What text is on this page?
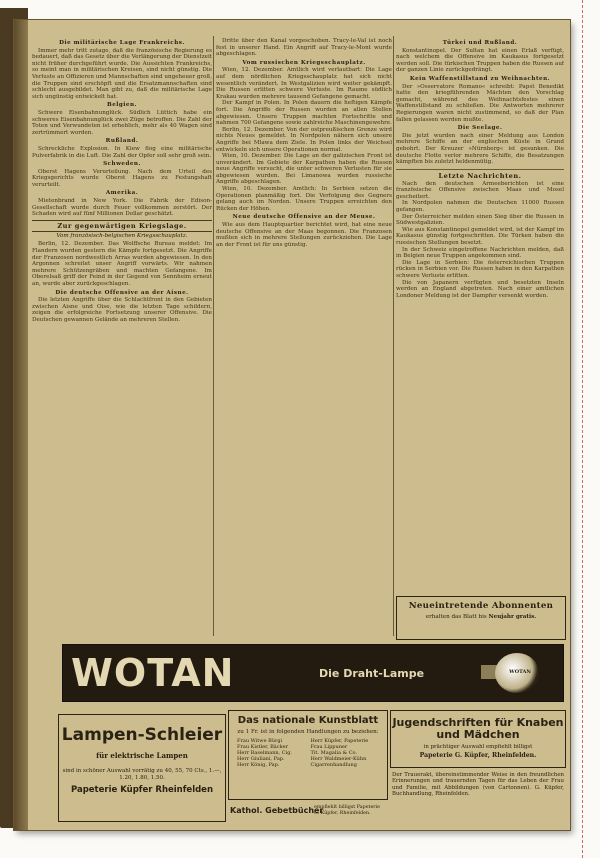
Die militärische Lage Frankreichs.

Immer mehr tritt zutage, daß die französische Regierung es bedauert, daß das Gesetz über die Verlängerung der Dienstzeit nicht früher durchgeführt wurde. Die Aussichten Frankreichs, so meint man in militärischen Kreisen, sind nicht günstig. Die Verluste an Offizieren und Mannschaften sind ungeheuer groß, die Truppen sind erschöpft und die Ersatzmannschaften sind schlecht ausgebildet. Man gibt zu, daß die militärische Lage sich ungünstig entwickelt hat.

Belgien.

Schwere Eisenbahnunglück. Südlich Lüttich habe ein schweres Eisenbahnunglück zwei Züge betroffen. Die Zahl der Toten und Verwundeten ist erheblich, mehr als 40 Wagen sind zertrümmert worden.

Rußland.

Schreckliche Explosion. In Kiew flog eine militärische Pulverfabrik in die Luft. Die Zahl der Opfer soll sehr groß sein.

Schweden.

Oberst Hagens Verurteilung. Nach dem Urteil des Kriegsgerichts wurde Oberst Hagens zu Festungshaft verurteilt.

Amerika.

Mietenbrand in New York. Die Fabrik der Edison-Gesellschaft wurde durch Feuer vollkommen zerstört. Der Schaden wird auf fünf Millionen Dollar geschätzt.

Zur gegenwärtigen Kriegslage.
Vom französisch-belgischen Kriegsschauplatz.

Berlin, 12. Dezember. Das Wolffsche Bureau meldet: Im Flandern wurden gestern die Kämpfe fortgesetzt. Die Angriffe der Franzosen nordwestlich Arras wurden abgewiesen. In den Argonnen schreitet unser Angriff vorwärts. Wir nahmen mehrere Schützengräben und machten Gefangene. Im Oberelsaß griff der Feind in der Gegend von Sennheim erneut an, wurde aber zurückgeschlagen.

Die deutsche Offensive an der Aisne.

Die letzten Angriffe über die Schlachtfront in den Gebieten zwischen Aisne und Oise, wie die letzten Tage schildern, zeigen die erfolgreiche Fortsetzung unserer Offensive. Die Deutschen gewannen Gelände an mehreren Stellen.

Dritte über den Kanal vorgeschoben. Tracy-le-Val ist noch fest in unserer Hand. Ein Angriff auf Tracy-le-Mont wurde abgeschlagen.

Vom russischen Kriegsschauplatz.

Wien, 12. Dezember. Amtlich wird verlautbart: Die Lage auf dem nördlichen Kriegsschauplatz hat sich nicht wesentlich verändert. In Westgalizien wird weiter gekämpft. Die Russen erlitten schwere Verluste. Im Raume südlich Krakau wurden mehrere tausend Gefangene gemacht.

Der Kampf in Polen. In Polen dauern die heftigen Kämpfe fort. Die Angriffe der Russen wurden an allen Stellen abgewiesen. Unsere Truppen machten Fortschritte und nahmen 700 Gefangene sowie zahlreiche Maschinengewehre.

Berlin, 12. Dezember. Von der ostpreußischen Grenze wird nichts Neues gemeldet. In Nordpolen nähern sich unsere Angriffe bei Mlawa dem Ziele. In Polen links der Weichsel entwickeln sich unsere Operationen normal.

Wien, 10. Dezember. Die Lage an der galizischen Front ist unverändert. Im Gebiete der Karpathen haben die Russen neue Angriffe versucht, die unter schweren Verlusten für sie abgewiesen wurden. Bei Limanowa wurden russische Angriffe abgeschlagen.

Wien, 10. Dezember. Amtlich: In Serbien setzen die Operationen planmäßig fort. Die Verfolgung des Gegners gelang auch im Norden. Unsere Truppen erreichten den Rücken der Höhen.

Neue deutsche Offensive an der Meuse.

Wie aus dem Hauptquartier berichtet wird, hat eine neue deutsche Offensive an der Maas begonnen. Die Franzosen mußten sich in mehrere Stellungen zurückziehen. Die Lage an der Front ist für uns günstig.

Türkei und Rußland.

Konstantinopel. Der Sultan hat einen Erlaß verfügt, nach welchem die Offensive im Kaukasus fortgesetzt werden soll. Die türkischen Truppen haben die Russen auf der ganzen Linie zurückgedrängt.

Kein Waffenstillstand zu Weihnachten.

Der »Osservatore Romano« schreibt: Papst Benedikt hatte den kriegführenden Mächten den Vorschlag gemacht, während des Weihnachtsfestes einen Waffenstillstand zu schließen. Die Antworten mehrerer Regierungen waren nicht zustimmend, so daß der Plan fallen gelassen werden mußte.

Die Seelage.

Die jetzt wurden nach einer Meldung aus London mehrere Schiffe an der englischen Küste in Grund gebohrt. Der Kreuzer »Nürnberg« ist gesunken. Die deutsche Flotte verlor mehrere Schiffe, die Besatzungen kämpften bis zuletzt heldenmütig.

Letzte Nachrichten.

Nach den deutschen Armeeberichten ist eine französische Offensive zwischen Maas und Mosel gescheitert.

In Nordpolen nahmen die Deutschen 11000 Russen gefangen.

Der Österreicher melden einen Sieg über die Russen in Südwestgalizien.

Wie aus Konstantinopel gemeldet wird, ist der Kampf im Kaukasus günstig fortgeschritten. Die Türken haben die russischen Stellungen besetzt.

In der Schweiz eingetroffene Nachrichten melden, daß in Belgien neue Truppen angekommen sind.

Die Lage in Serbien: Die österreichischen Truppen rücken in Serbien vor. Die Russen haben in den Karpathen schwere Verluste erlitten.

Die von Japanern verfügten und besetzten Inseln werden an England abgetreten. Nach einer amtlichen Londoner Meldung ist der Dampfer versenkt worden.

Neueintretende Abonnenten
erhalten das Blatt bis Neujahr gratis.
WOTAN	Die Draht-Lampe	WOTAN
Lampen-Schleier
für elektrische Lampen
sind in schöner Auswahl vorrätig zu 40, 55, 70 Cts., 1.—, 1.20, 1.80, 1.50.
Papeterie Küpfer Rheinfelden
Das nationale Kunstblatt
zu 1 Fr. ist in folgenden Handlungen zu beziehen:
Frau Witwe Bürgi
Frau Kistler, Bäcker
Herr Baselmann, Cig.
Herr Giuliani, Pap.
Herr König, Pap.
Herr Küpfer, Papeterie
Frau Lippuner
Tit. Magalia & Co.
Herr Waldmeier-Kühn
Cigarrenhandlung
Kathol. Gebetbücher
empfiehlt billigst Papeterie G. Küpfer, Rheinfelden.
Jugendschriften für Knaben und Mädchen
in prächtiger Auswahl empfiehlt billigst
Papeterie G. Küpfer, Rheinfelden.
Der Trauerakt, übereinstimmender Weise in den freundlichen Erinnerungen und trauernden Tagen für das Leben der Frau und Familie, mit Abbildungen (von Cartonnen). G. Küpfer, Buchhandlung, Rheinfelden.
